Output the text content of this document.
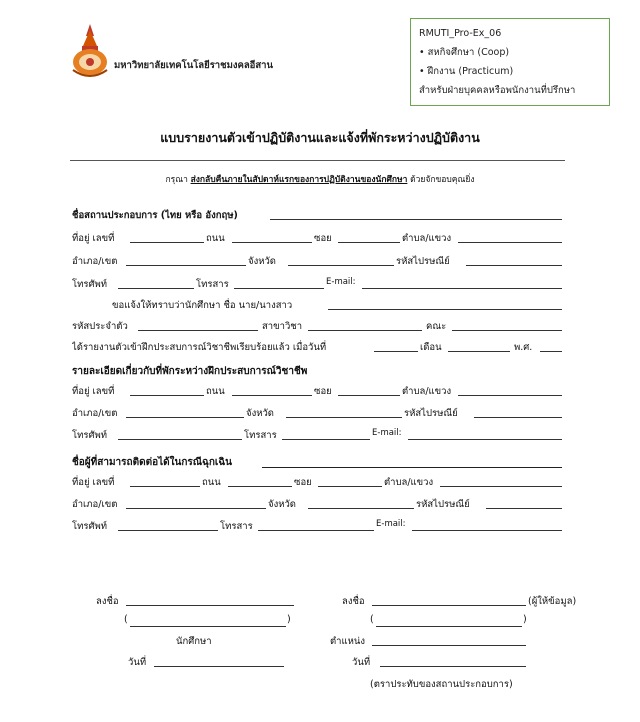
มหาวิทยาลัยเทคโนโลยีราชมงคลอีสาน
RMUTI_Pro-Ex_06
• สหกิจศึกษา (Coop)
• ฝึกงาน (Practicum)
สำหรับฝ่ายบุคคลหรือพนักงานที่ปรึกษา
แบบรายงานตัวเข้าปฏิบัติงานและแจ้งที่พักระหว่างปฏิบัติงาน
กรุณา ส่งกลับคืนภายในสัปดาห์แรกของการปฏิบัติงานของนักศึกษา ด้วยจักขอบคุณยิ่ง
ชื่อสถานประกอบการ (ไทย หรือ อังกฤษ)
ที่อยู่ เลขที่	ถนน	ซอย	ตำบล/แขวง
อำเภอ/เขต	จังหวัด	รหัสไปรษณีย์
โทรศัพท์	โทรสาร	E-mail:
ขอแจ้งให้ทราบว่านักศึกษา ชื่อ นาย/นางสาว
รหัสประจำตัว	สาขาวิชา	คณะ
ได้รายงานตัวเข้าฝึกประสบการณ์วิชาชีพเรียบร้อยแล้ว เมื่อวันที่	เดือน	พ.ศ.
รายละเอียดเกี่ยวกับที่พักระหว่างฝึกประสบการณ์วิชาชีพ
ที่อยู่ เลขที่	ถนน	ซอย	ตำบล/แขวง
อำเภอ/เขต	จังหวัด	รหัสไปรษณีย์
โทรศัพท์	โทรสาร	E-mail:
ชื่อผู้ที่สามารถติดต่อได้ในกรณีฉุกเฉิน
ที่อยู่ เลขที่	ถนน	ซอย	ตำบล/แขวง
อำเภอ/เขต	จังหวัด	รหัสไปรษณีย์
โทรศัพท์	โทรสาร	E-mail:
ลงชื่อ
(	)
นักศึกษา
วันที่
ลงชื่อ	(ผู้ให้ข้อมูล)
(	)
ตำแหน่ง
วันที่
(ตราประทับของสถานประกอบการ)
